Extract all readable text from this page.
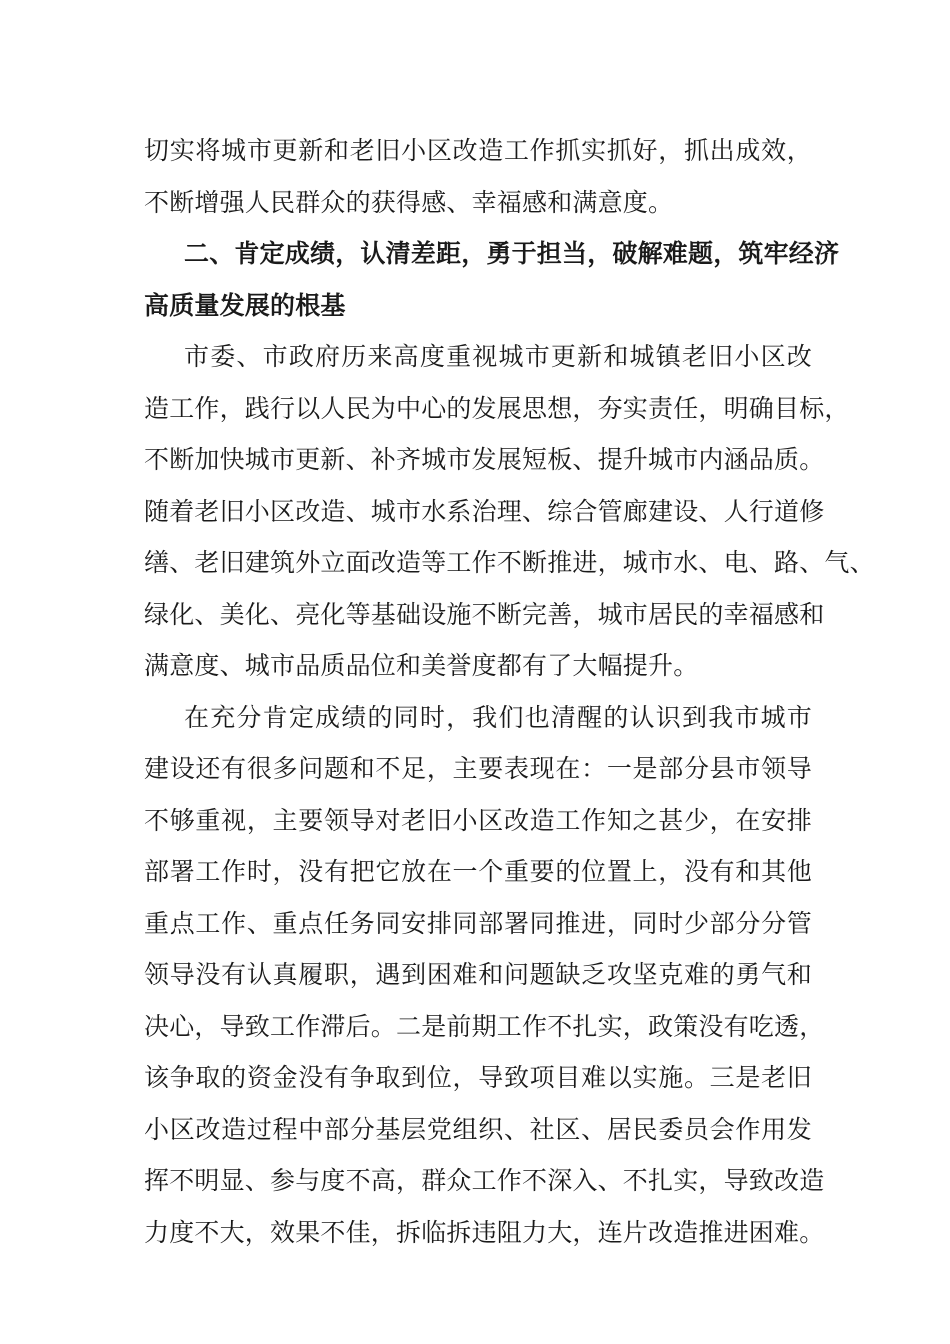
切实将城市更新和老旧小区改造工作抓实抓好，抓出成效，
不断增强人民群众的获得感、幸福感和满意度。
二、肯定成绩，认清差距，勇于担当，破解难题，筑牢经济
高质量发展的根基
市委、市政府历来高度重视城市更新和城镇老旧小区改
造工作，践行以人民为中心的发展思想，夯实责任，明确目标，
不断加快城市更新、补齐城市发展短板、提升城市内涵品质。
随着老旧小区改造、城市水系治理、综合管廊建设、人行道修
缮、老旧建筑外立面改造等工作不断推进，城市水、电、路、气、
绿化、美化、亮化等基础设施不断完善，城市居民的幸福感和
满意度、城市品质品位和美誉度都有了大幅提升。
在充分肯定成绩的同时，我们也清醒的认识到我市城市
建设还有很多问题和不足，主要表现在：一是部分县市领导
不够重视，主要领导对老旧小区改造工作知之甚少，在安排
部署工作时，没有把它放在一个重要的位置上，没有和其他
重点工作、重点任务同安排同部署同推进，同时少部分分管
领导没有认真履职，遇到困难和问题缺乏攻坚克难的勇气和
决心，导致工作滞后。二是前期工作不扎实，政策没有吃透，
该争取的资金没有争取到位，导致项目难以实施。三是老旧
小区改造过程中部分基层党组织、社区、居民委员会作用发
挥不明显、参与度不高，群众工作不深入、不扎实，导致改造
力度不大，效果不佳，拆临拆违阻力大，连片改造推进困难。
